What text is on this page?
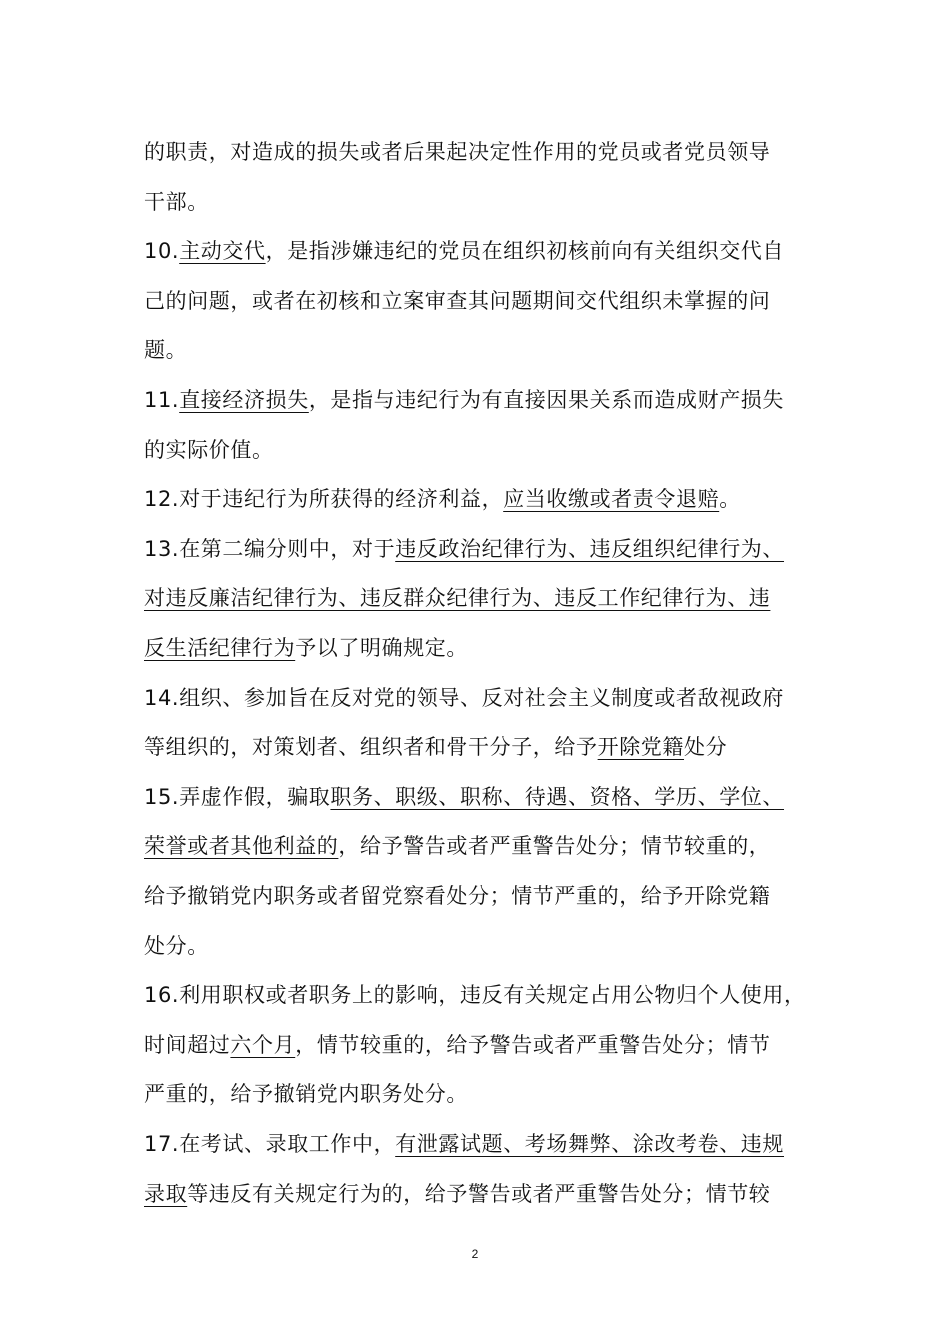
的职责，对造成的损失或者后果起决定性作用的党员或者党员领导
干部。
10.主动交代，是指涉嫌违纪的党员在组织初核前向有关组织交代自
己的问题，或者在初核和立案审查其问题期间交代组织未掌握的问
题。
11.直接经济损失，是指与违纪行为有直接因果关系而造成财产损失
的实际价值。
12.对于违纪行为所获得的经济利益，应当收缴或者责令退赔。
13.在第二编分则中，对于违反政治纪律行为、违反组织纪律行为、
对违反廉洁纪律行为、违反群众纪律行为、违反工作纪律行为、违
反生活纪律行为予以了明确规定。
14.组织、参加旨在反对党的领导、反对社会主义制度或者敌视政府
等组织的，对策划者、组织者和骨干分子，给予开除党籍处分
15.弄虚作假，骗取职务、职级、职称、待遇、资格、学历、学位、
荣誉或者其他利益的，给予警告或者严重警告处分；情节较重的，
给予撤销党内职务或者留党察看处分；情节严重的，给予开除党籍
处分。
16.利用职权或者职务上的影响，违反有关规定占用公物归个人使用，
时间超过六个月，情节较重的，给予警告或者严重警告处分；情节
严重的，给予撤销党内职务处分。
17.在考试、录取工作中，有泄露试题、考场舞弊、涂改考卷、违规
录取等违反有关规定行为的，给予警告或者严重警告处分；情节较
2
